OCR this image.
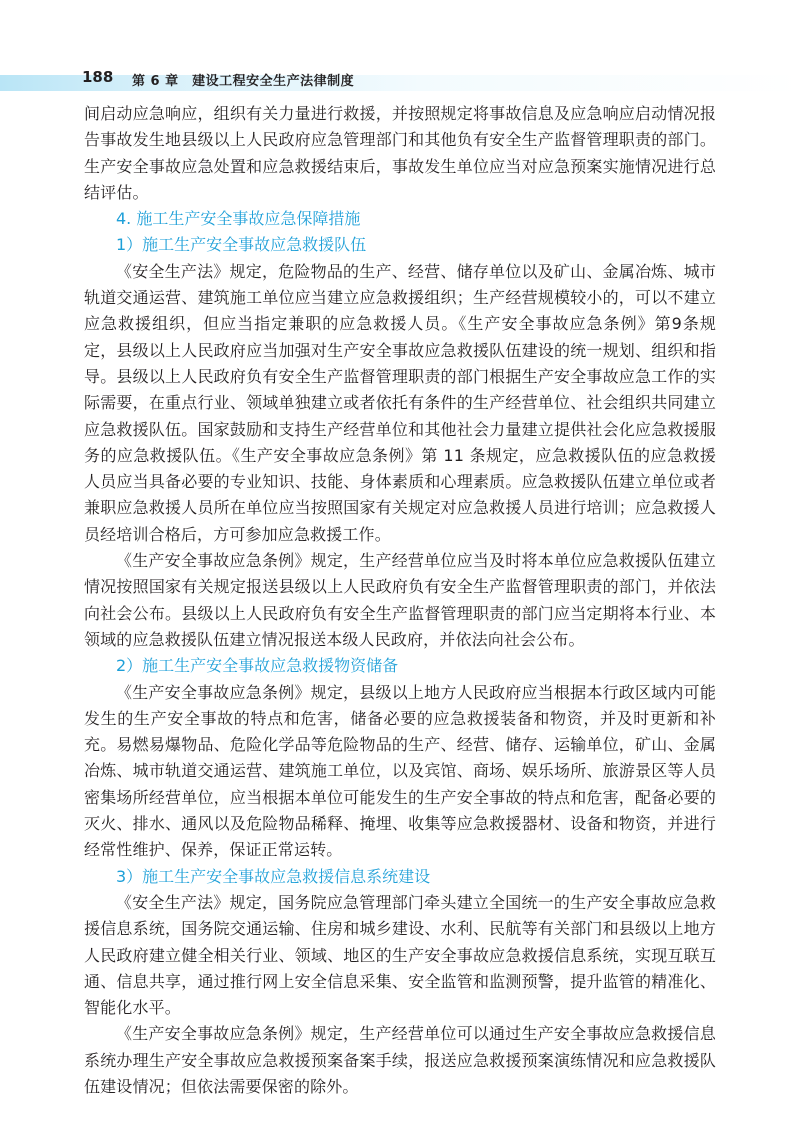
188 第 6 章　建设工程安全生产法律制度

间启动应急响应，组织有关力量进行救援，并按照规定将事故信息及应急响应启动情况报告事故发生地县级以上人民政府应急管理部门和其他负有安全生产监督管理职责的部门。生产安全事故应急处置和应急救援结束后，事故发生单位应当对应急预案实施情况进行总结评估。

4. 施工生产安全事故应急保障措施

1）施工生产安全事故应急救援队伍

《安全生产法》规定，危险物品的生产、经营、储存单位以及矿山、金属冶炼、城市轨道交通运营、建筑施工单位应当建立应急救援组织；生产经营规模较小的，可以不建立应急救援组织，但应当指定兼职的应急救援人员。《生产安全事故应急条例》第9条规定，县级以上人民政府应当加强对生产安全事故应急救援队伍建设的统一规划、组织和指导。县级以上人民政府负有安全生产监督管理职责的部门根据生产安全事故应急工作的实际需要，在重点行业、领域单独建立或者依托有条件的生产经营单位、社会组织共同建立应急救援队伍。国家鼓励和支持生产经营单位和其他社会力量建立提供社会化应急救援服务的应急救援队伍。《生产安全事故应急条例》第 11 条规定，应急救援队伍的应急救援人员应当具备必要的专业知识、技能、身体素质和心理素质。应急救援队伍建立单位或者兼职应急救援人员所在单位应当按照国家有关规定对应急救援人员进行培训；应急救援人员经培训合格后，方可参加应急救援工作。

《生产安全事故应急条例》规定，生产经营单位应当及时将本单位应急救援队伍建立情况按照国家有关规定报送县级以上人民政府负有安全生产监督管理职责的部门，并依法向社会公布。县级以上人民政府负有安全生产监督管理职责的部门应当定期将本行业、本领域的应急救援队伍建立情况报送本级人民政府，并依法向社会公布。

2）施工生产安全事故应急救援物资储备

《生产安全事故应急条例》规定，县级以上地方人民政府应当根据本行政区域内可能发生的生产安全事故的特点和危害，储备必要的应急救援装备和物资，并及时更新和补充。易燃易爆物品、危险化学品等危险物品的生产、经营、储存、运输单位，矿山、金属冶炼、城市轨道交通运营、建筑施工单位，以及宾馆、商场、娱乐场所、旅游景区等人员密集场所经营单位，应当根据本单位可能发生的生产安全事故的特点和危害，配备必要的灭火、排水、通风以及危险物品稀释、掩埋、收集等应急救援器材、设备和物资，并进行经常性维护、保养，保证正常运转。

3）施工生产安全事故应急救援信息系统建设

《安全生产法》规定，国务院应急管理部门牵头建立全国统一的生产安全事故应急救援信息系统，国务院交通运输、住房和城乡建设、水利、民航等有关部门和县级以上地方人民政府建立健全相关行业、领域、地区的生产安全事故应急救援信息系统，实现互联互通、信息共享，通过推行网上安全信息采集、安全监管和监测预警，提升监管的精准化、智能化水平。

《生产安全事故应急条例》规定，生产经营单位可以通过生产安全事故应急救援信息系统办理生产安全事故应急救援预案备案手续，报送应急救援预案演练情况和应急救援队伍建设情况；但依法需要保密的除外。
